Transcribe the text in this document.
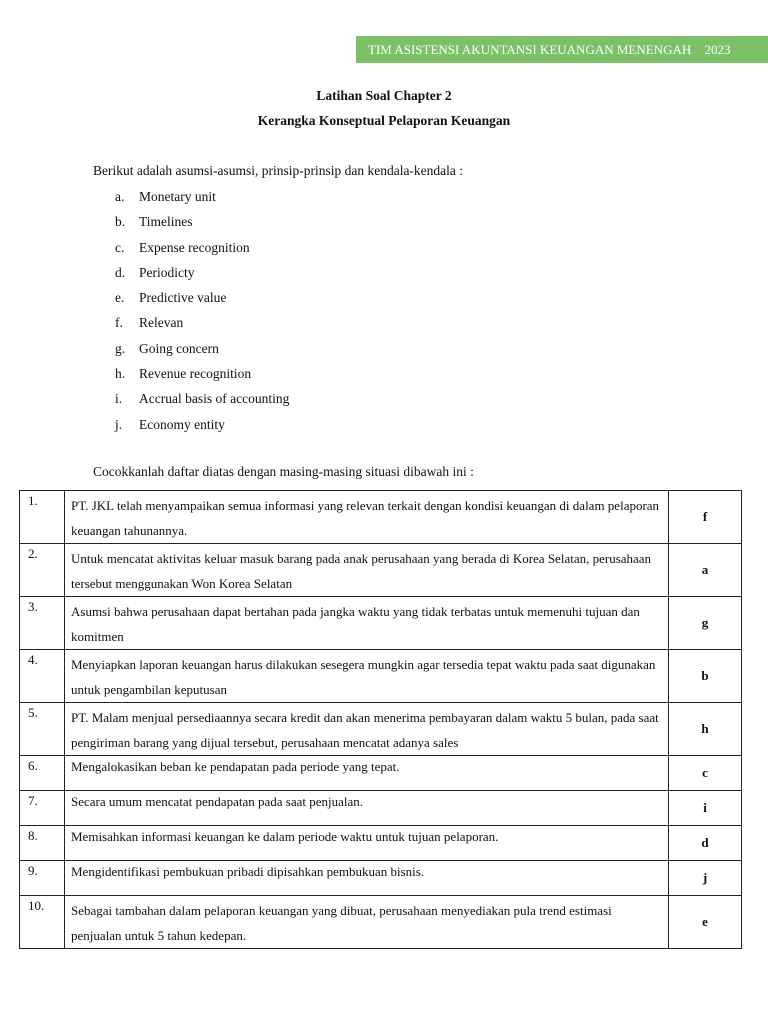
TIM ASISTENSI AKUNTANSI KEUANGAN MENENGAH 2023
Latihan Soal Chapter 2
Kerangka Konseptual Pelaporan Keuangan
Berikut adalah asumsi-asumsi, prinsip-prinsip dan kendala-kendala :
a.	Monetary unit
b.	Timelines
c.	Expense recognition
d.	Periodicty
e.	Predictive value
f.	Relevan
g.	Going concern
h.	Revenue recognition
i.	Accrual basis of accounting
j.	Economy entity
Cocokkanlah daftar diatas dengan masing-masing situasi dibawah ini :
1.	PT. JKL telah menyampaikan semua informasi yang relevan terkait dengan kondisi keuangan di dalam pelaporan keuangan tahunannya.	f
2.	Untuk mencatat aktivitas keluar masuk barang pada anak perusahaan yang berada di Korea Selatan, perusahaan tersebut menggunakan Won Korea Selatan	a
3.	Asumsi bahwa perusahaan dapat bertahan pada jangka waktu yang tidak terbatas untuk memenuhi tujuan dan komitmen	g
4.	Menyiapkan laporan keuangan harus dilakukan sesegera mungkin agar tersedia tepat waktu pada saat digunakan untuk pengambilan keputusan	b
5.	PT. Malam menjual persediaannya secara kredit dan akan menerima pembayaran dalam waktu 5 bulan, pada saat pengiriman barang yang dijual tersebut, perusahaan mencatat adanya sales	h
6.	Mengalokasikan beban ke pendapatan pada periode yang tepat.	c
7.	Secara umum mencatat pendapatan pada saat penjualan.	i
8.	Memisahkan informasi keuangan ke dalam periode waktu untuk tujuan pelaporan.	d
9.	Mengidentifikasi pembukuan pribadi dipisahkan pembukuan bisnis.	j
10.	Sebagai tambahan dalam pelaporan keuangan yang dibuat, perusahaan menyediakan pula trend estimasi penjualan untuk 5 tahun kedepan.	e
